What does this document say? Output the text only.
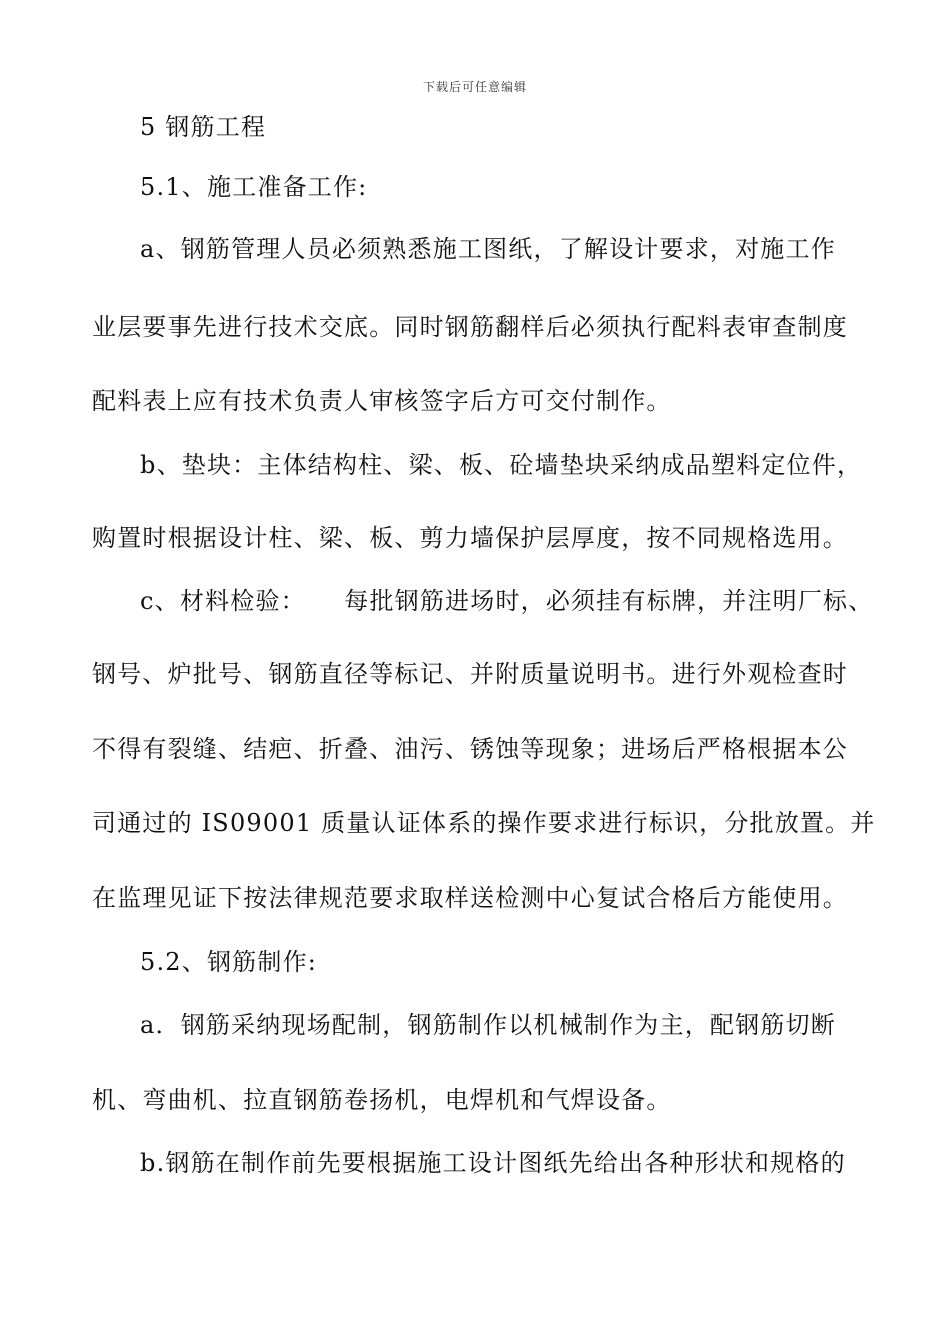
下载后可任意编辑
5 钢筋工程
5.1、施工准备工作:
a、钢筋管理人员必须熟悉施工图纸，了解设计要求，对施工作
业层要事先进行技术交底。同时钢筋翻样后必须执行配料表审查制度
配料表上应有技术负责人审核签字后方可交付制作。
b、垫块：主体结构柱、梁、板、砼墙垫块采纳成品塑料定位件，
购置时根据设计柱、梁、板、剪力墙保护层厚度，按不同规格选用。
c、材料检验：　　每批钢筋进场时，必须挂有标牌，并注明厂标、
钢号、炉批号、钢筋直径等标记、并附质量说明书。进行外观检查时
不得有裂缝、结疤、折叠、油污、锈蚀等现象；进场后严格根据本公
司通过的 IS09001 质量认证体系的操作要求进行标识，分批放置。并
在监理见证下按法律规范要求取样送检测中心复试合格后方能使用。
5.2、钢筋制作:
a．钢筋采纳现场配制，钢筋制作以机械制作为主，配钢筋切断
机、弯曲机、拉直钢筋卷扬机，电焊机和气焊设备。
b.钢筋在制作前先要根据施工设计图纸先给出各种形状和规格的
